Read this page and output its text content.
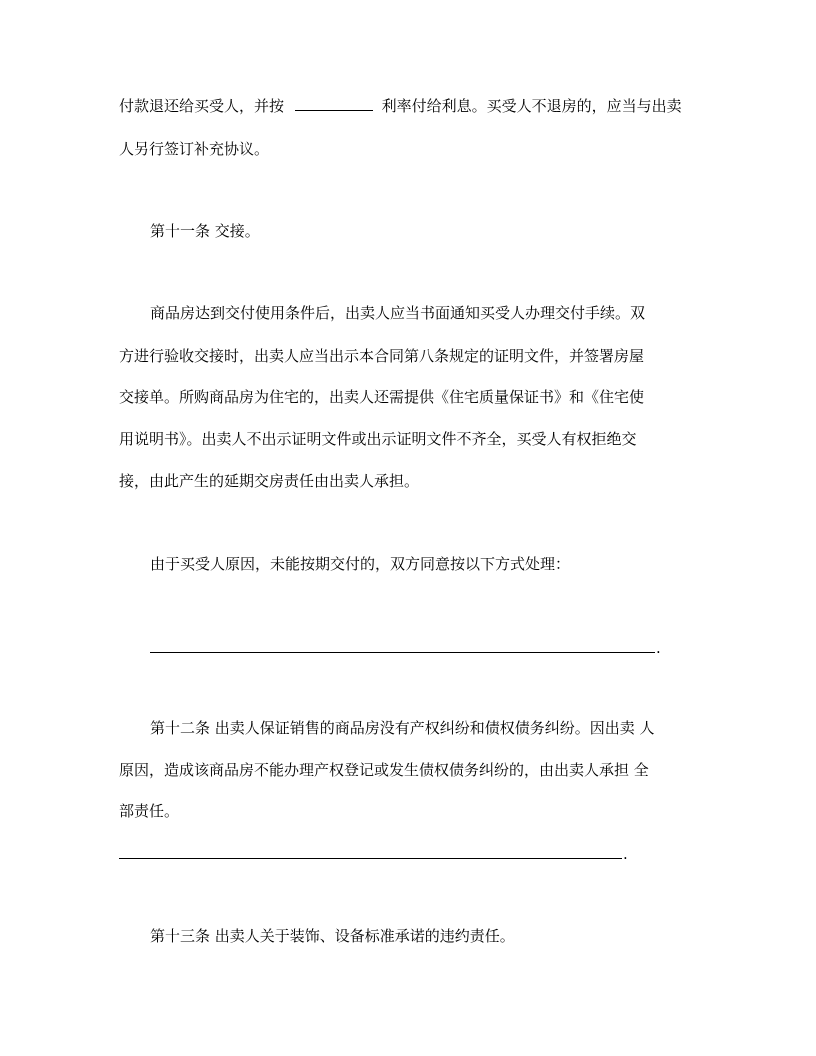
付款退还给买受人，并按	利率付给利息。买受人不退房的，应当与出卖
人另行签订补充协议。
第十一条 交接。
商品房达到交付使用条件后，出卖人应当书面通知买受人办理交付手续。双
方进行验收交接时，出卖人应当出示本合同第八条规定的证明文件，并签署房屋
交接单。所购商品房为住宅的，出卖人还需提供《住宅质量保证书》和《住宅使
用说明书》。出卖人不出示证明文件或出示证明文件不齐全，买受人有权拒绝交
接，由此产生的延期交房责任由出卖人承担。
由于买受人原因，未能按期交付的，双方同意按以下方式处理：
.
第十二条 出卖人保证销售的商品房没有产权纠纷和债权债务纠纷。因出卖 人
原因，造成该商品房不能办理产权登记或发生债权债务纠纷的，由出卖人承担 全
部责任。
.
第十三条 出卖人关于装饰、设备标准承诺的违约责任。
